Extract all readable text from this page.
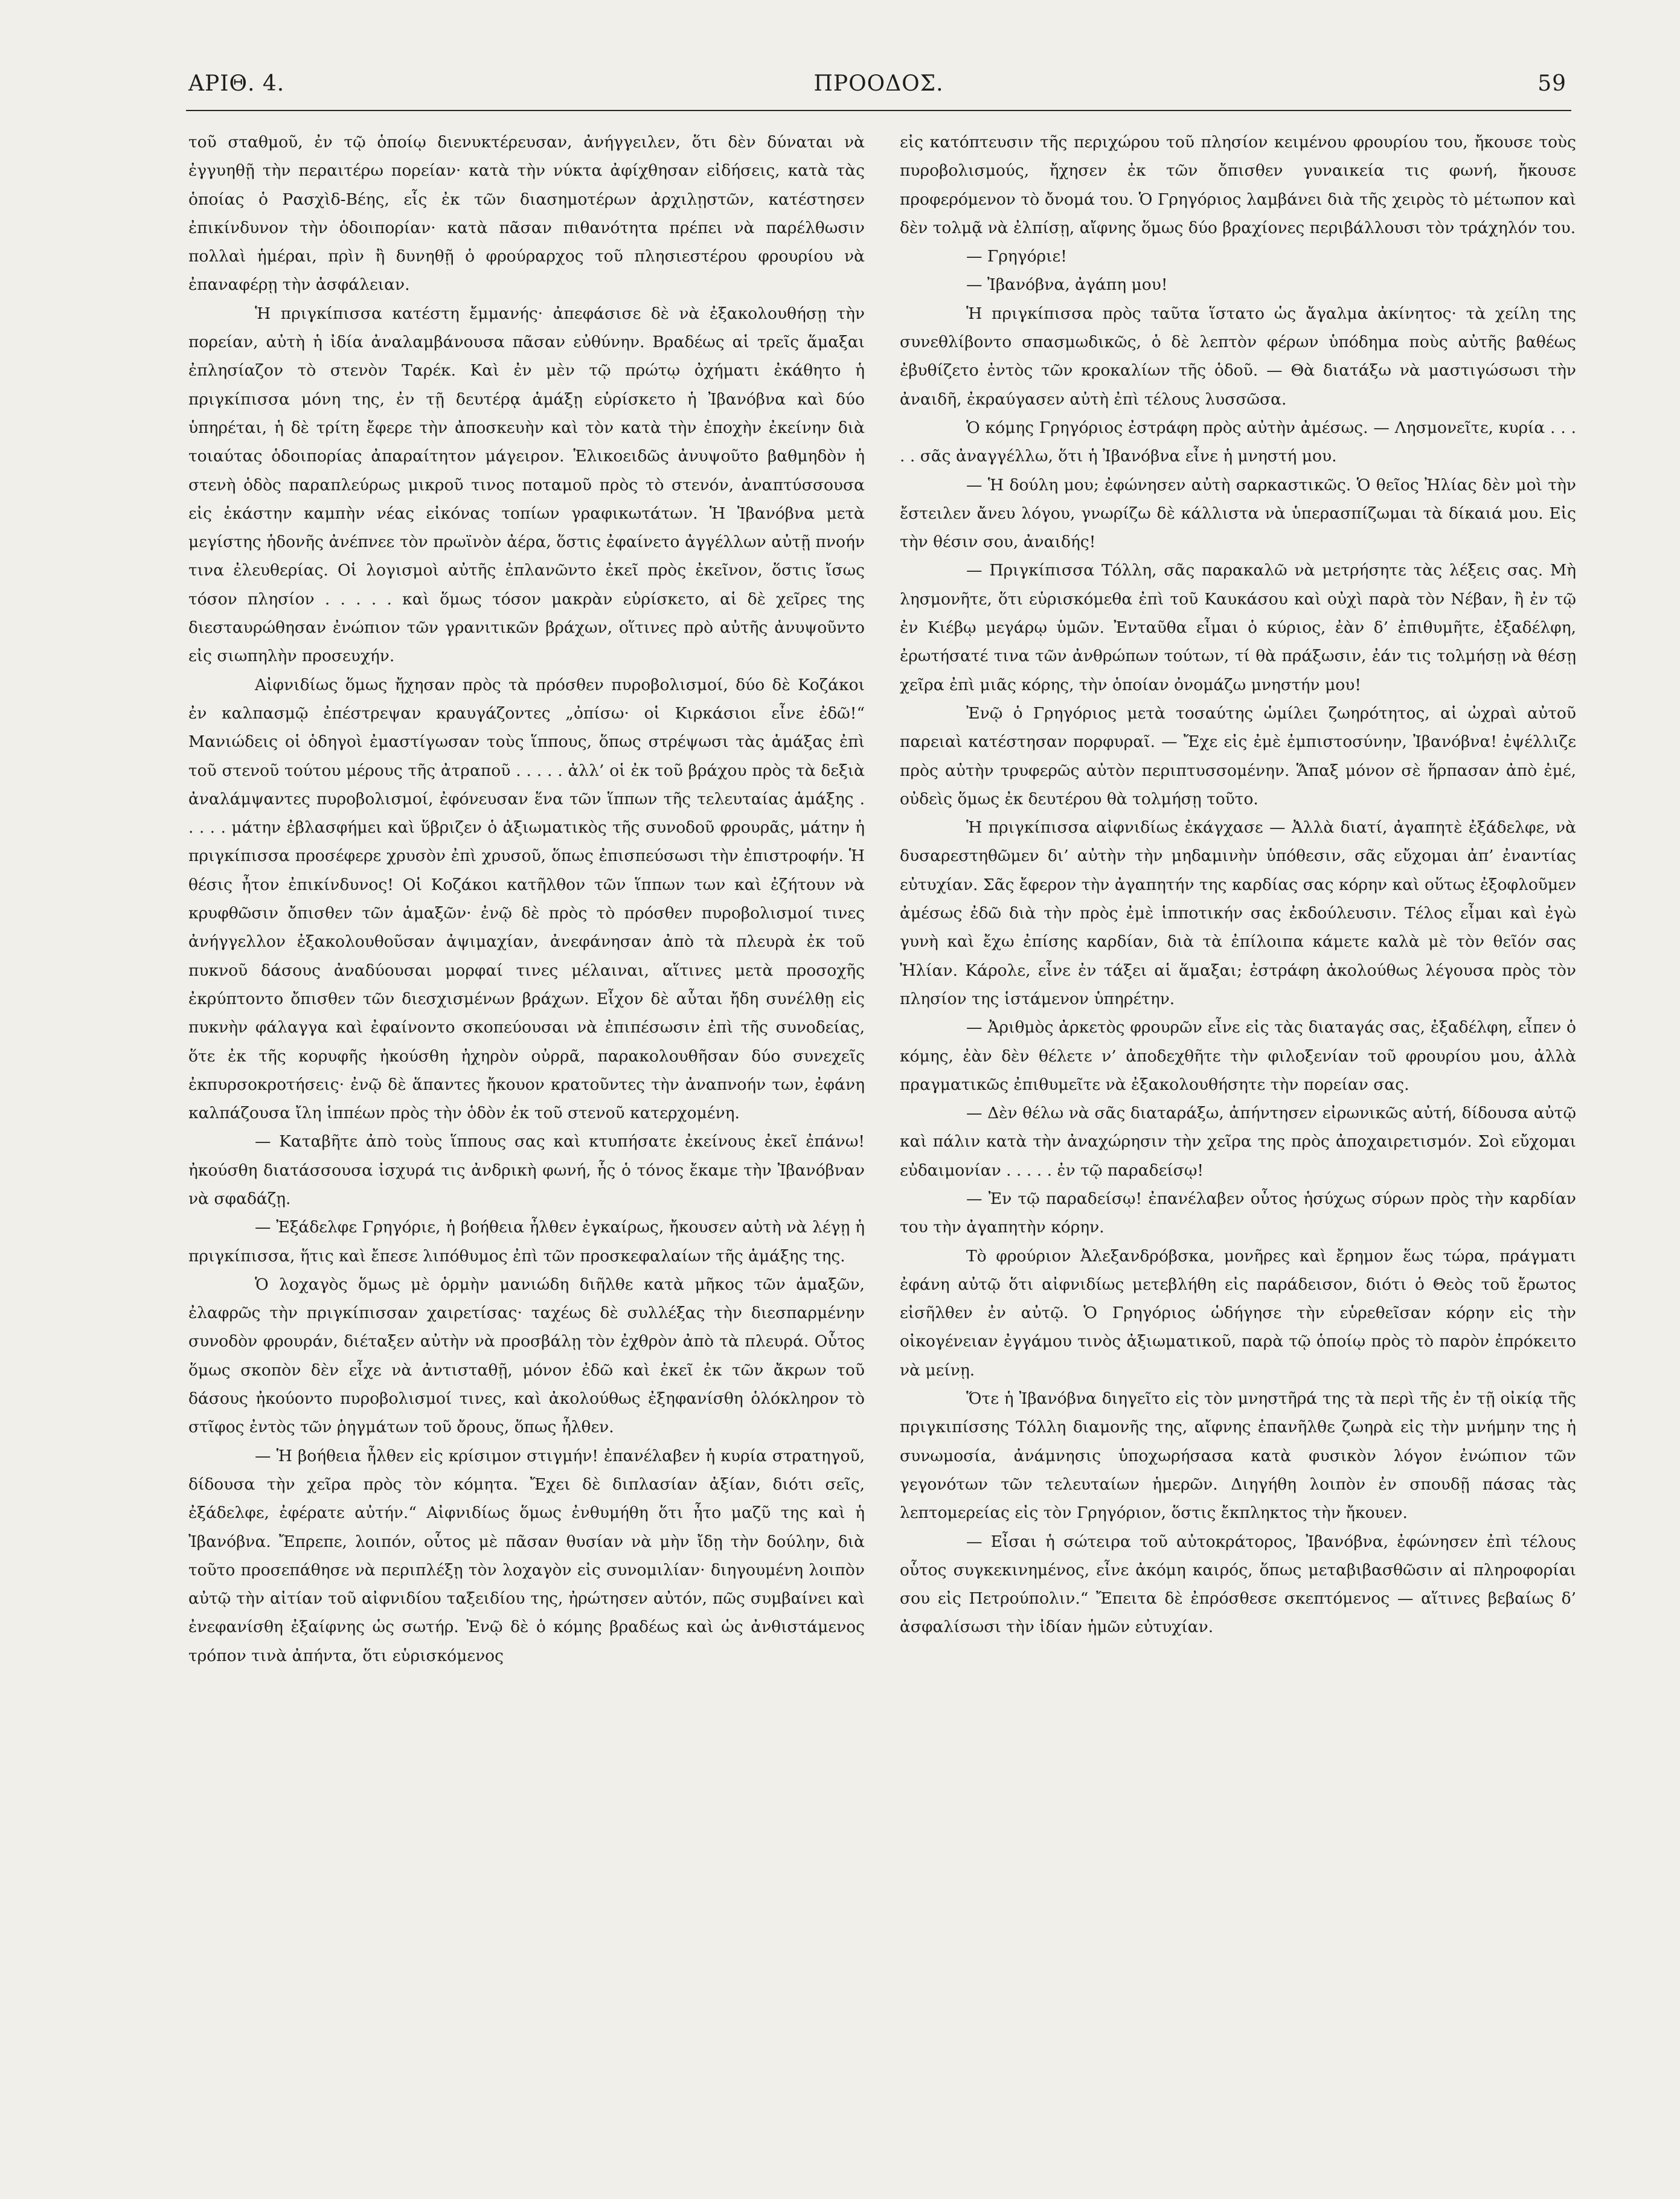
ΑΡΙΘ. 4.	ΠΡΟΟΔΟΣ.	59

τοῦ σταθμοῦ, ἐν τῷ ὁποίῳ διενυκτέρευσαν, ἀνήγγειλεν, ὅτι δὲν δύναται νὰ ἐγγυηθῇ τὴν περαιτέρω πορείαν· κατὰ τὴν νύκτα ἀφίχθησαν εἰδήσεις, κατὰ τὰς ὁποίας ὁ Ρασχὶδ-Βέης, εἷς ἐκ τῶν διασημοτέρων ἀρχιλῃστῶν, κατέστησεν ἐπικίνδυνον τὴν ὁδοιπορίαν· κατὰ πᾶσαν πιθανότητα πρέπει νὰ παρέλθωσιν πολλαὶ ἡμέραι, πρὶν ἢ δυνηθῇ ὁ φρούραρχος τοῦ πλησιεστέρου φρουρίου νὰ ἐπαναφέρῃ τὴν ἀσφάλειαν.

Ἡ πριγκίπισσα κατέστη ἔμμανής· ἀπεφάσισε δὲ νὰ ἐξακολουθήσῃ τὴν πορείαν, αὐτὴ ἡ ἰδία ἀναλαμβάνουσα πᾶσαν εὐθύνην. Βραδέως αἱ τρεῖς ἅμαξαι ἐπλησίαζον τὸ στενὸν Ταρέκ. Καὶ ἐν μὲν τῷ πρώτῳ ὀχήματι ἐκάθητο ἡ πριγκίπισσα μόνη της, ἐν τῇ δευτέρᾳ ἁμάξῃ εὑρίσκετο ἡ Ἰβανόβνα καὶ δύο ὑπηρέται, ἡ δὲ τρίτη ἔφερε τὴν ἀποσκευὴν καὶ τὸν κατὰ τὴν ἐποχὴν ἐκείνην διὰ τοιαύτας ὁδοιπορίας ἀπαραίτητον μάγειρον. Ἑλικοειδῶς ἀνυψοῦτο βαθμηδὸν ἡ στενὴ ὁδὸς παραπλεύρως μικροῦ τινος ποταμοῦ πρὸς τὸ στενόν, ἀναπτύσσουσα εἰς ἑκάστην καμπὴν νέας εἰκόνας τοπίων γραφικωτάτων. Ἡ Ἰβανόβνα μετὰ μεγίστης ἡδονῆς ἀνέπνεε τὸν πρωϊνὸν ἀέρα, ὅστις ἐφαίνετο ἀγγέλλων αὐτῇ πνοήν τινα ἐλευθερίας. Οἱ λογισμοὶ αὐτῆς ἐπλανῶντο ἐκεῖ πρὸς ἐκεῖνον, ὅστις ἴσως τόσον πλησίον . . . . . καὶ ὅμως τόσον μακρὰν εὑρίσκετο, αἱ δὲ χεῖρες της διεσταυρώθησαν ἐνώπιον τῶν γρανιτικῶν βράχων, οἵτινες πρὸ αὐτῆς ἀνυψοῦντο εἰς σιωπηλὴν προσευχήν.

Αἰφνιδίως ὅμως ἤχησαν πρὸς τὰ πρόσθεν πυροβολισμοί, δύο δὲ Κοζάκοι ἐν καλπασμῷ ἐπέστρεψαν κραυγάζοντες „ὀπίσω· οἱ Κιρκάσιοι εἶνε ἐδῶ!“ Μανιώδεις οἱ ὁδηγοὶ ἐμαστίγωσαν τοὺς ἵππους, ὅπως στρέψωσι τὰς ἁμάξας ἐπὶ τοῦ στενοῦ τούτου μέρους τῆς ἀτραποῦ . . . . . ἀλλ’ οἱ ἐκ τοῦ βράχου πρὸς τὰ δεξιὰ ἀναλάμψαντες πυροβολισμοί, ἐφόνευσαν ἕνα τῶν ἵππων τῆς τελευταίας ἁμάξης . . . . . μάτην ἐβλασφήμει καὶ ὕβριζεν ὁ ἀξιωματικὸς τῆς συνοδοῦ φρουρᾶς, μάτην ἡ πριγκίπισσα προσέφερε χρυσὸν ἐπὶ χρυσοῦ, ὅπως ἐπισπεύσωσι τὴν ἐπιστροφήν. Ἡ θέσις ἦτον ἐπικίνδυνος! Οἱ Κοζάκοι κατῆλθον τῶν ἵππων των καὶ ἐζήτουν νὰ κρυφθῶσιν ὄπισθεν τῶν ἁμαξῶν· ἐνῷ δὲ πρὸς τὸ πρόσθεν πυροβολισμοί τινες ἀνήγγελλον ἐξακολουθοῦσαν ἀψιμαχίαν, ἀνεφάνησαν ἀπὸ τὰ πλευρὰ ἐκ τοῦ πυκνοῦ δάσους ἀναδύουσαι μορφαί τινες μέλαιναι, αἵτινες μετὰ προσοχῆς ἐκρύπτοντο ὄπισθεν τῶν διεσχισμένων βράχων. Εἶχον δὲ αὗται ἤδη συνέλθῃ εἰς πυκνὴν φάλαγγα καὶ ἐφαίνοντο σκοπεύουσαι νὰ ἐπιπέσωσιν ἐπὶ τῆς συνοδείας, ὅτε ἐκ τῆς κορυφῆς ἠκούσθη ἠχηρὸν οὐρρᾶ, παρακολουθῆσαν δύο συνεχεῖς ἐκπυρσοκροτήσεις· ἐνῷ δὲ ἅπαντες ἤκουον κρατοῦντες τὴν ἀναπνοήν των, ἐφάνη καλπάζουσα ἴλη ἱππέων πρὸς τὴν ὁδὸν ἐκ τοῦ στενοῦ κατερχομένη.

— Καταβῆτε ἀπὸ τοὺς ἵππους σας καὶ κτυπήσατε ἐκείνους ἐκεῖ ἐπάνω! ἠκούσθη διατάσσουσα ἰσχυρά τις ἀνδρικὴ φωνή, ἧς ὁ τόνος ἔκαμε τὴν Ἰβανόβναν νὰ σφαδάζῃ.

— Ἐξάδελφε Γρηγόριε, ἡ βοήθεια ἦλθεν ἐγκαίρως, ἤκουσεν αὐτὴ νὰ λέγῃ ἡ πριγκίπισσα, ἥτις καὶ ἔπεσε λιπόθυμος ἐπὶ τῶν προσκεφαλαίων τῆς ἁμάξης της.

Ὁ λοχαγὸς ὅμως μὲ ὁρμὴν μανιώδη διῆλθε κατὰ μῆκος τῶν ἁμαξῶν, ἐλαφρῶς τὴν πριγκίπισσαν χαιρετίσας· ταχέως δὲ συλλέξας τὴν διεσπαρμένην συνοδὸν φρουράν, διέταξεν αὐτὴν νὰ προσβάλῃ τὸν ἐχθρὸν ἀπὸ τὰ πλευρά. Οὗτος ὅμως σκοπὸν δὲν εἶχε νὰ ἀντισταθῇ, μόνον ἐδῶ καὶ ἐκεῖ ἐκ τῶν ἄκρων τοῦ δάσους ἠκούοντο πυροβολισμοί τινες, καὶ ἀκολούθως ἐξηφανίσθη ὁλόκληρον τὸ στῖφος ἐντὸς τῶν ῥηγμάτων τοῦ ὄρους, ὅπως ἦλθεν.

— Ἡ βοήθεια ἦλθεν εἰς κρίσιμον στιγμήν! ἐπανέλαβεν ἡ κυρία στρατηγοῦ, δίδουσα τὴν χεῖρα πρὸς τὸν κόμητα. Ἔχει δὲ διπλασίαν ἀξίαν, διότι σεῖς, ἐξάδελφε, ἐφέρατε αὐτήν.“ Αἰφνιδίως ὅμως ἐνθυμήθη ὅτι ἦτο μαζῦ της καὶ ἡ Ἰβανόβνα. Ἔπρεπε, λοιπόν, οὗτος μὲ πᾶσαν θυσίαν νὰ μὴν ἴδῃ τὴν δούλην, διὰ τοῦτο προσεπάθησε νὰ περιπλέξῃ τὸν λοχαγὸν εἰς συνομιλίαν· διηγουμένη λοιπὸν αὐτῷ τὴν αἰτίαν τοῦ αἰφνιδίου ταξειδίου της, ἠρώτησεν αὐτόν, πῶς συμβαίνει καὶ ἐνεφανίσθη ἐξαίφνης ὡς σωτήρ. Ἐνῷ δὲ ὁ κόμης βραδέως καὶ ὡς ἀνθιστάμενος τρόπον τινὰ ἀπήντα, ὅτι εὑρισκόμενος

εἰς κατόπτευσιν τῆς περιχώρου τοῦ πλησίον κειμένου φρουρίου του, ἤκουσε τοὺς πυροβολισμούς, ἤχησεν ἐκ τῶν ὄπισθεν γυναικεία τις φωνή, ἤκουσε προφερόμενον τὸ ὄνομά του. Ὁ Γρηγόριος λαμβάνει διὰ τῆς χειρὸς τὸ μέτωπον καὶ δὲν τολμᾷ νὰ ἐλπίσῃ, αἴφνης ὅμως δύο βραχίονες περιβάλλουσι τὸν τράχηλόν του.

— Γρηγόριε!

— Ἰβανόβνα, ἀγάπη μου!

Ἡ πριγκίπισσα πρὸς ταῦτα ἵστατο ὡς ἄγαλμα ἀκίνητος· τὰ χείλη της συνεθλίβοντο σπασμωδικῶς, ὁ δὲ λεπτὸν φέρων ὑπόδημα ποὺς αὐτῆς βαθέως ἐβυθίζετο ἐντὸς τῶν κροκαλίων τῆς ὁδοῦ. — Θὰ διατάξω νὰ μαστιγώσωσι τὴν ἀναιδῆ, ἐκραύγασεν αὐτὴ ἐπὶ τέλους λυσσῶσα.

Ὁ κόμης Γρηγόριος ἐστράφη πρὸς αὐτὴν ἀμέσως. — Λησμονεῖτε, κυρία . . . . . σᾶς ἀναγγέλλω, ὅτι ἡ Ἰβανόβνα εἶνε ἡ μνηστή μου.

— Ἡ δούλη μου; ἐφώνησεν αὐτὴ σαρκαστικῶς. Ὁ θεῖος Ἠλίας δὲν μοὶ τὴν ἔστειλεν ἄνευ λόγου, γνωρίζω δὲ κάλλιστα νὰ ὑπερασπίζωμαι τὰ δίκαιά μου. Εἰς τὴν θέσιν σου, ἀναιδής!

— Πριγκίπισσα Τόλλη, σᾶς παρακαλῶ νὰ μετρήσητε τὰς λέξεις σας. Μὴ λησμονῆτε, ὅτι εὑρισκόμεθα ἐπὶ τοῦ Καυκάσου καὶ οὐχὶ παρὰ τὸν Νέβαν, ἢ ἐν τῷ ἐν Κιέβῳ μεγάρῳ ὑμῶν. Ἐνταῦθα εἶμαι ὁ κύριος, ἐὰν δ’ ἐπιθυμῆτε, ἐξαδέλφη, ἐρωτήσατέ τινα τῶν ἀνθρώπων τούτων, τί θὰ πράξωσιν, ἐάν τις τολμήσῃ νὰ θέσῃ χεῖρα ἐπὶ μιᾶς κόρης, τὴν ὁποίαν ὀνομάζω μνηστήν μου!

Ἐνῷ ὁ Γρηγόριος μετὰ τοσαύτης ὡμίλει ζωηρότητος, αἱ ὠχραὶ αὐτοῦ παρειαὶ κατέστησαν πορφυραῖ. — Ἔχε εἰς ἐμὲ ἐμπιστοσύνην, Ἰβανόβνα! ἐψέλλιζε πρὸς αὐτὴν τρυφερῶς αὐτὸν περιπτυσσομένην. Ἅπαξ μόνον σὲ ἥρπασαν ἀπὸ ἐμέ, οὐδεὶς ὅμως ἐκ δευτέρου θὰ τολμήσῃ τοῦτο.

Ἡ πριγκίπισσα αἰφνιδίως ἐκάγχασε — Ἀλλὰ διατί, ἀγαπητὲ ἐξάδελφε, νὰ δυσαρεστηθῶμεν δι’ αὐτὴν τὴν μηδαμινὴν ὑπόθεσιν, σᾶς εὔχομαι ἀπ’ ἐναντίας εὐτυχίαν. Σᾶς ἔφερον τὴν ἀγαπητήν της καρδίας σας κόρην καὶ οὕτως ἐξοφλοῦμεν ἀμέσως ἐδῶ διὰ τὴν πρὸς ἐμὲ ἱπποτικήν σας ἐκδούλευσιν. Τέλος εἶμαι καὶ ἐγὼ γυνὴ καὶ ἔχω ἐπίσης καρδίαν, διὰ τὰ ἐπίλοιπα κάμετε καλὰ μὲ τὸν θεῖόν σας Ἠλίαν. Κάρολε, εἶνε ἐν τάξει αἱ ἅμαξαι; ἐστράφη ἀκολούθως λέγουσα πρὸς τὸν πλησίον της ἱστάμενον ὑπηρέτην.

— Ἀριθμὸς ἀρκετὸς φρουρῶν εἶνε εἰς τὰς διαταγάς σας, ἐξαδέλφη, εἶπεν ὁ κόμης, ἐὰν δὲν θέλετε ν’ ἀποδεχθῆτε τὴν φιλοξενίαν τοῦ φρουρίου μου, ἀλλὰ πραγματικῶς ἐπιθυμεῖτε νὰ ἐξακολουθήσητε τὴν πορείαν σας.

— Δὲν θέλω νὰ σᾶς διαταράξω, ἀπήντησεν εἰρωνικῶς αὐτή, δίδουσα αὐτῷ καὶ πάλιν κατὰ τὴν ἀναχώρησιν τὴν χεῖρα της πρὸς ἀποχαιρετισμόν. Σοὶ εὔχομαι εὐδαιμονίαν . . . . . ἐν τῷ παραδείσῳ!

— Ἐν τῷ παραδείσῳ! ἐπανέλαβεν οὗτος ἡσύχως σύρων πρὸς τὴν καρδίαν του τὴν ἀγαπητὴν κόρην.

Τὸ φρούριον Ἀλεξανδρόβσκα, μονῆρες καὶ ἔρημον ἕως τώρα, πράγματι ἐφάνη αὐτῷ ὅτι αἰφνιδίως μετεβλήθη εἰς παράδεισον, διότι ὁ Θεὸς τοῦ ἔρωτος εἰσῆλθεν ἐν αὐτῷ. Ὁ Γρηγόριος ὡδήγησε τὴν εὑρεθεῖσαν κόρην εἰς τὴν οἰκογένειαν ἐγγάμου τινὸς ἀξιωματικοῦ, παρὰ τῷ ὁποίῳ πρὸς τὸ παρὸν ἐπρόκειτο νὰ μείνῃ.

Ὅτε ἡ Ἰβανόβνα διηγεῖτο εἰς τὸν μνηστῆρά της τὰ περὶ τῆς ἐν τῇ οἰκίᾳ τῆς πριγκιπίσσης Τόλλη διαμονῆς της, αἴφνης ἐπανῆλθε ζωηρὰ εἰς τὴν μνήμην της ἡ συνωμοσία, ἀνάμνησις ὑποχωρήσασα κατὰ φυσικὸν λόγον ἐνώπιον τῶν γεγονότων τῶν τελευταίων ἡμερῶν. Διηγήθη λοιπὸν ἐν σπουδῇ πάσας τὰς λεπτομερείας εἰς τὸν Γρηγόριον, ὅστις ἔκπληκτος τὴν ἤκουεν.

— Εἶσαι ἡ σώτειρα τοῦ αὐτοκράτορος, Ἰβανόβνα, ἐφώνησεν ἐπὶ τέλους οὗτος συγκεκινημένος, εἶνε ἀκόμη καιρός, ὅπως μεταβιβασθῶσιν αἱ πληροφορίαι σου εἰς Πετρούπολιν.“ Ἔπειτα δὲ ἐπρόσθεσε σκεπτόμενος — αἵτινες βεβαίως δ’ ἀσφαλίσωσι τὴν ἰδίαν ἡμῶν εὐτυχίαν.
